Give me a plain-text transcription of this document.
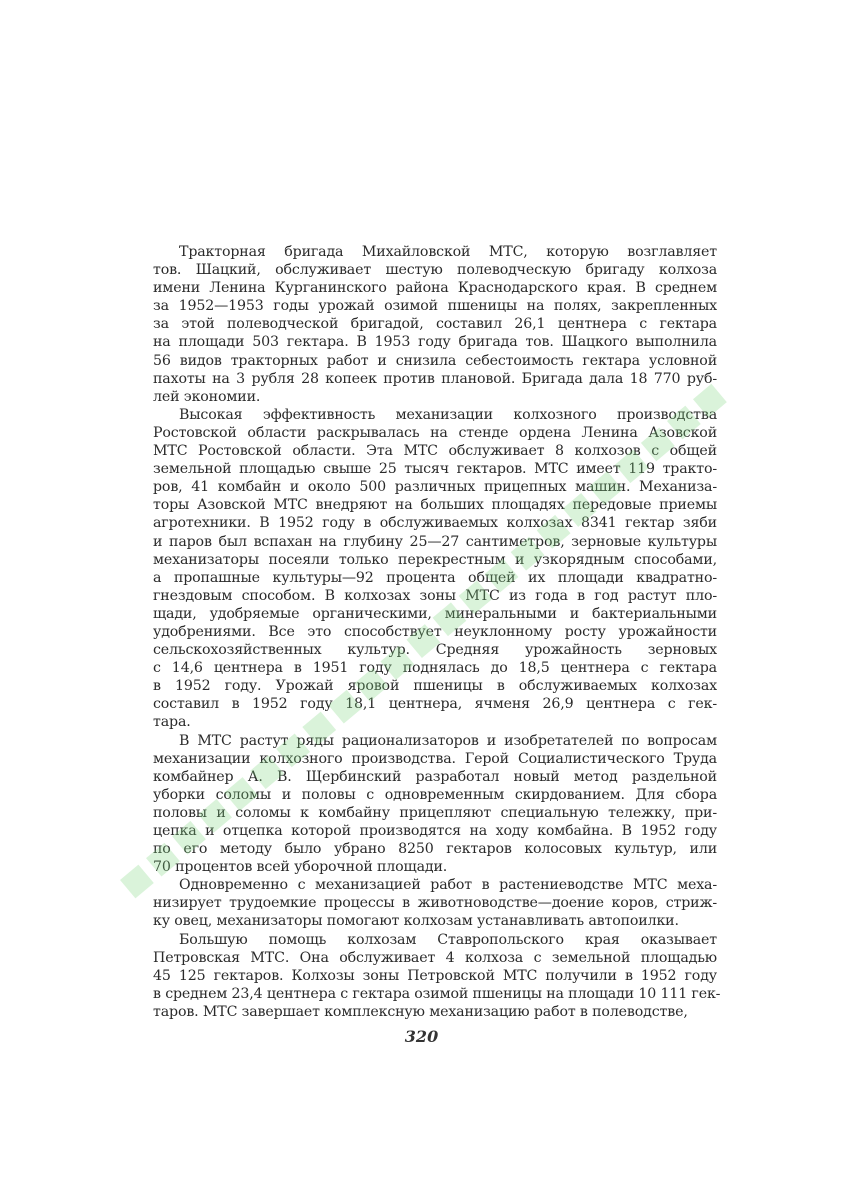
Тракторная бригада Михайловской МТС, которую возглавляет
тов. Шацкий, обслуживает шестую полеводческую бригаду колхоза
имени Ленина Курганинского района Краснодарского края. В среднем
за 1952—1953 годы урожай озимой пшеницы на полях, закрепленных
за этой полеводческой бригадой, составил 26,1 центнера с гектара
на площади 503 гектара. В 1953 году бригада тов. Шацкого выполнила
56 видов тракторных работ и снизила себестоимость гектара условной
пахоты на 3 рубля 28 копеек против плановой. Бригада дала 18 770 руб-
лей экономии.
Высокая эффективность механизации колхозного производства
Ростовской области раскрывалась на стенде ордена Ленина Азовской
МТС Ростовской области. Эта МТС обслуживает 8 колхозов с общей
земельной площадью свыше 25 тысяч гектаров. МТС имеет 119 тракто-
ров, 41 комбайн и около 500 различных прицепных машин. Механиза-
торы Азовской МТС внедряют на больших площадях передовые приемы
агротехники. В 1952 году в обслуживаемых колхозах 8341 гектар зяби
и паров был вспахан на глубину 25—27 сантиметров, зерновые культуры
механизаторы посеяли только перекрестным и узкорядным способами,
а пропашные культуры—92 процента общей их площади квадратно-
гнездовым способом. В колхозах зоны МТС из года в год растут пло-
щади, удобряемые органическими, минеральными и бактериальными
удобрениями. Все это способствует неуклонному росту урожайности
сельскохозяйственных культур. Средняя урожайность зерновых
с 14,6 центнера в 1951 году поднялась до 18,5 центнера с гектара
в 1952 году. Урожай яровой пшеницы в обслуживаемых колхозах
составил в 1952 году 18,1 центнера, ячменя 26,9 центнера с гек-
тара.
В МТС растут ряды рационализаторов и изобретателей по вопросам
механизации колхозного производства. Герой Социалистического Труда
комбайнер А. В. Щербинский разработал новый метод раздельной
уборки соломы и половы с одновременным скирдованием. Для сбора
половы и соломы к комбайну прицепляют специальную тележку, при-
цепка и отцепка которой производятся на ходу комбайна. В 1952 году
по его методу было убрано 8250 гектаров колосовых культур, или
70 процентов всей уборочной площади.
Одновременно с механизацией работ в растениеводстве МТС меха-
низирует трудоемкие процессы в животноводстве—доение коров, стриж-
ку овец, механизаторы помогают колхозам устанавливать автопоилки.
Большую помощь колхозам Ставропольского края оказывает
Петровская МТС. Она обслуживает 4 колхоза с земельной площадью
45 125 гектаров. Колхозы зоны Петровской МТС получили в 1952 году
в среднем 23,4 центнера с гектара озимой пшеницы на площади 10 111 гек-
таров. МТС завершает комплексную механизацию работ в полеводстве,
320
